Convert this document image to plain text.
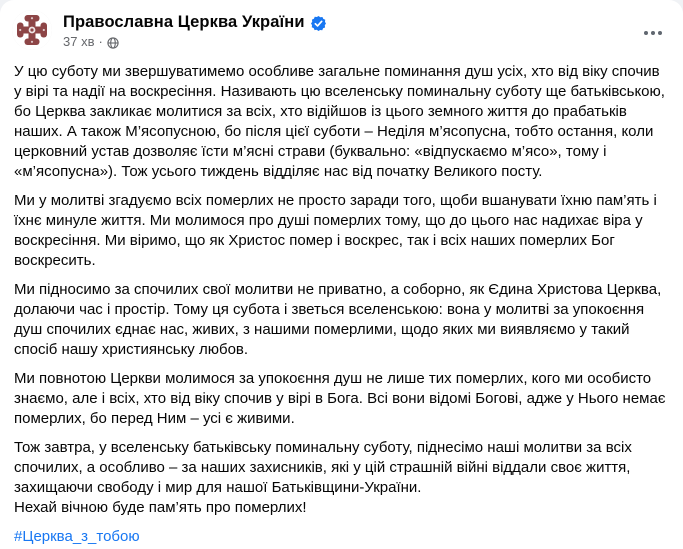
Православна Церква України
37 хв ·

У цю суботу ми звершуватимемо особливе загальне поминання душ усіх, хто від віку спочив у вірі та надії на воскресіння. Називають цю вселенську поминальну суботу ще батьківською, бо Церква закликає молитися за всіх, хто відійшов із цього земного життя до прабатьків наших. А також М’ясопусною, бо після цієї суботи – Неділя м’ясопусна, тобто остання, коли церковний устав дозволяє їсти м’ясні страви (буквально: «відпускаємо м’ясо», тому і «м’ясопусна»). Тож усього тиждень відділяє нас від початку Великого посту.

Ми у молитві згадуємо всіх померлих не просто заради того, щоби вшанувати їхню пам’ять і їхнє минуле життя. Ми молимося про душі померлих тому, що до цього нас надихає віра у воскресіння. Ми віримо, що як Христос помер і воскрес, так і всіх наших померлих Бог воскресить.

Ми підносимо за спочилих свої молитви не приватно, а соборно, як Єдина Христова Церква, долаючи час і простір. Тому ця субота і зветься вселенською: вона у молитві за упокоєння душ спочилих єднає нас, живих, з нашими померлими, щодо яких ми виявляємо у такий спосіб нашу християнську любов.

Ми повнотою Церкви молимося за упокоєння душ не лише тих померлих, кого ми особисто знаємо, але і всіх, хто від віку спочив у вірі в Бога. Всі вони відомі Богові, адже у Нього немає померлих, бо перед Ним – усі є живими.

Тож завтра, у вселенську батьківську поминальну суботу, піднесімо наші молитви за всіх спочилих, а особливо – за наших захисників, які у цій страшній війні віддали своє життя, захищаючи свободу і мир для нашої Батьківщини-України.

Нехай вічною буде пам’ять про померлих!

#Церква_з_тобою
